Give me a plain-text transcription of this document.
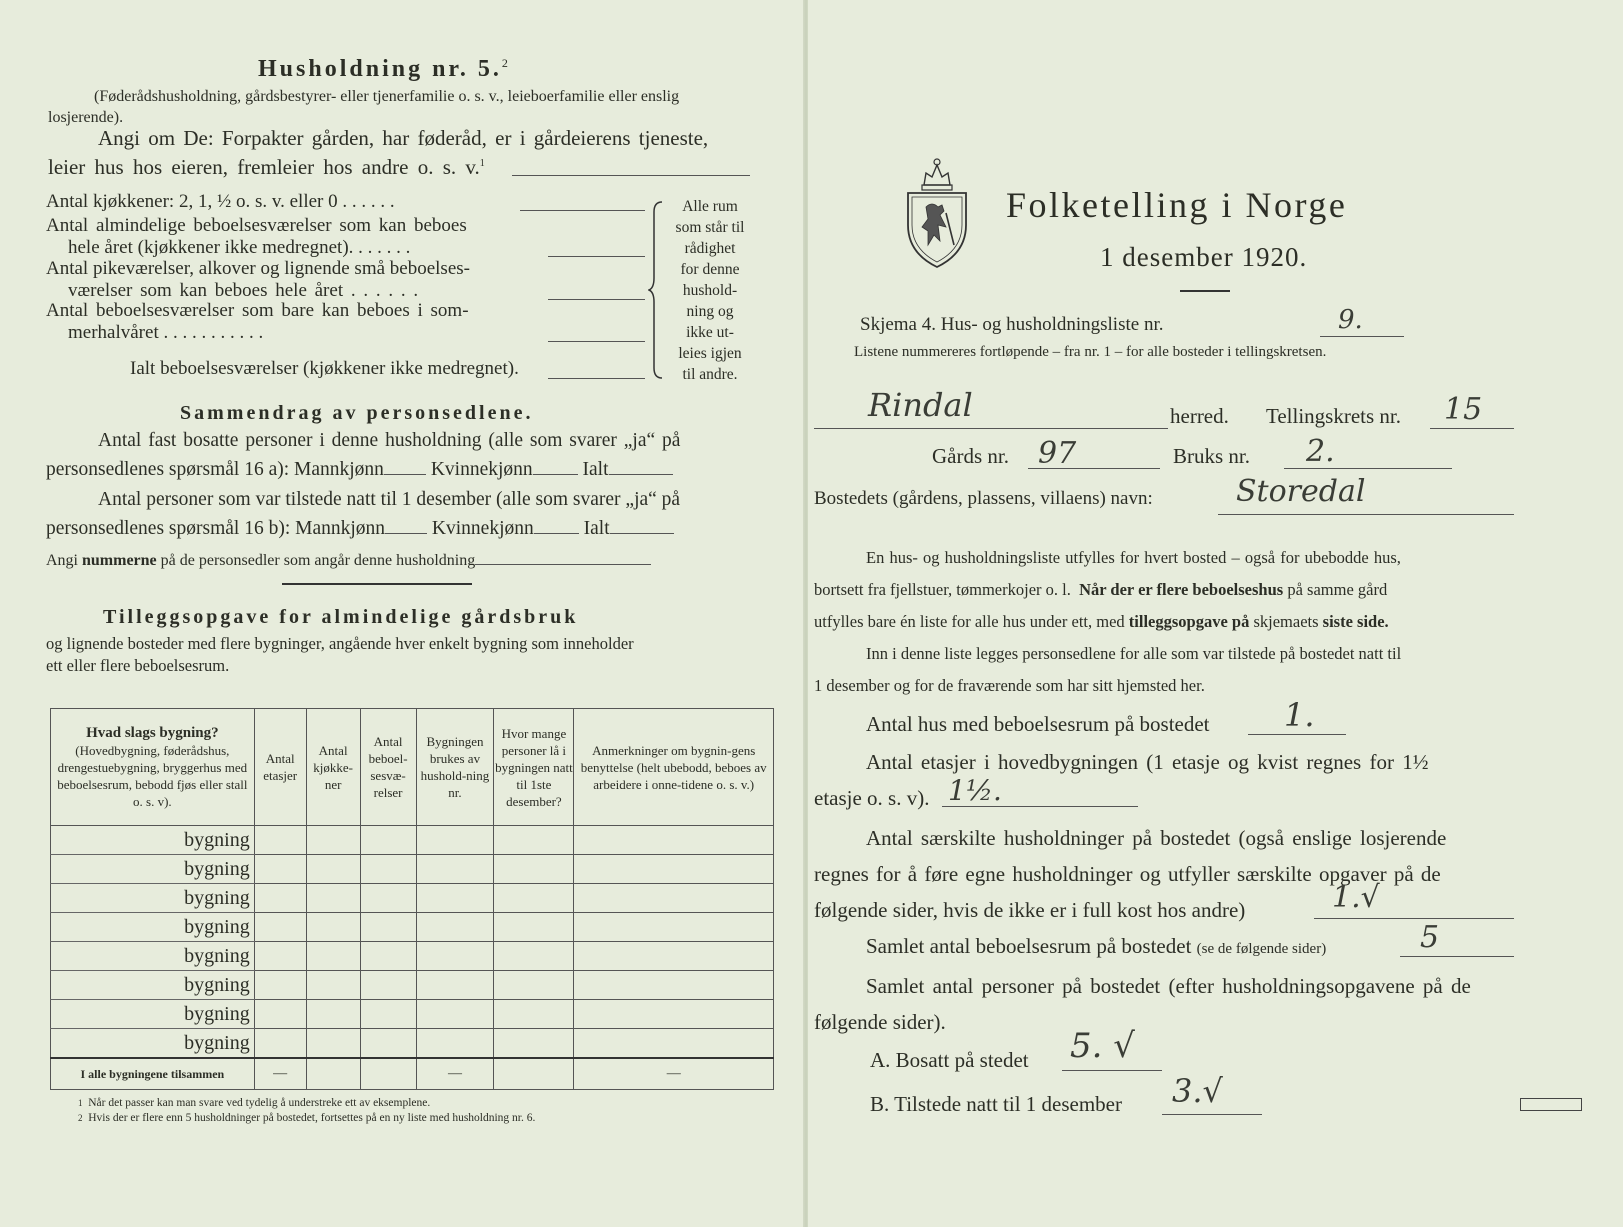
Husholdning nr. 5.$^2$
(Føderådshusholdning, gårdsbestyrer- eller tjenerfamilie o. s. v., leieboerfamilie eller enslig losjerende).
Angi om De: Forpakter gården, har føderåd, er i gårdeierens tjeneste,
leier hus hos eieren, fremleier hos andre o. s. v.$^1$
Antal kjøkkener: 2, 1, ½ o. s. v. eller 0 . . . . . .
Antal almindelige beboelsesværelser som kan beboes
hele året (kjøkkener ikke medregnet). . . . . . .
Antal pikeværelser, alkover og lignende små beboelses-
værelser som kan beboes hele året . . . . . .
Antal beboelsesværelser som bare kan beboes i som-
merhalvåret . . . . . . . . . . .
Ialt beboelsesværelser (kjøkkener ikke medregnet).
Alle rum
som står til
rådighet
for denne
hushold-
ning og
ikke ut-
leies igjen
til andre.
Sammendrag av personsedlene.
Antal fast bosatte personer i denne husholdning (alle som svarer „ja“ på
personsedlenes spørsmål 16 a): Mannkjønn Kvinnekjønn	Ialt
Antal personer som var tilstede natt til 1 desember (alle som svarer „ja“ på
personsedlenes spørsmål 16 b): Mannkjønn Kvinnekjønn	Ialt
Angi nummerne på de personsedler som angår denne husholdning
Tilleggsopgave for almindelige gårdsbruk
og lignende bosteder med flere bygninger, angående hver enkelt bygning som inneholder
ett eller flere beboelsesrum.
Hvad slags bygning?
(Hovedbygning, føderådshus, drengestuebygning, bryggerhus med beboelsesrum, bebodd fjøs eller stall o. s. v).	Antal etasjer	Antal kjøkke-ner	Antal beboel-sesvæ-relser	Bygningen brukes av hushold-ning nr.	Hvor mange personer lå i bygningen natt til 1ste desember?	Anmerkninger om bygnin-gens benyttelse (helt ubebodd, beboes av arbeidere i onne-tidene o. s. v.)
bygning						
bygning						
bygning						
bygning						
bygning						
bygning						
bygning						
bygning						
I alle bygningene tilsammen	—			—		—
1 Når det passer kan man svare ved tydelig å understreke ett av eksemplene.
2 Hvis der er flere enn 5 husholdninger på bostedet, fortsettes på en ny liste med husholdning nr. 6.
Folketelling i Norge
1 desember 1920.
Skjema 4. Hus- og husholdningsliste nr.	9.
Listene nummereres fortløpende – fra nr. 1 – for alle bosteder i tellingskretsen.
Rindal	herred. Tellingskrets nr. 15
Gårds nr. 97	Bruks nr. 2.
Bostedets (gårdens, plassens, villaens) navn:	Storedal
En hus- og husholdningsliste utfylles for hvert bosted – også for ubebodde hus,
bortsett fra fjellstuer, tømmerkojer o. l. Når der er flere beboelseshus på samme gård
utfylles bare én liste for alle hus under ett, med tilleggsopgave på skjemaets siste side.
Inn i denne liste legges personsedlene for alle som var tilstede på bostedet natt til
1 desember og for de fraværende som har sitt hjemsted her.
Antal hus med beboelsesrum på bostedet 1.
Antal etasjer i hovedbygningen (1 etasje og kvist regnes for 1½
etasje o. s. v). 1½.
Antal særskilte husholdninger på bostedet (også enslige losjerende
regnes for å føre egne husholdninger og utfyller særskilte opgaver på de
følgende sider, hvis de ikke er i full kost hos andre)	1.√
Samlet antal beboelsesrum på bostedet (se de følgende sider)	5
Samlet antal personer på bostedet (efter husholdningsopgavene på de
følgende sider).
A. Bosatt på stedet 5. √
B. Tilstede natt til 1 desember 3.√
